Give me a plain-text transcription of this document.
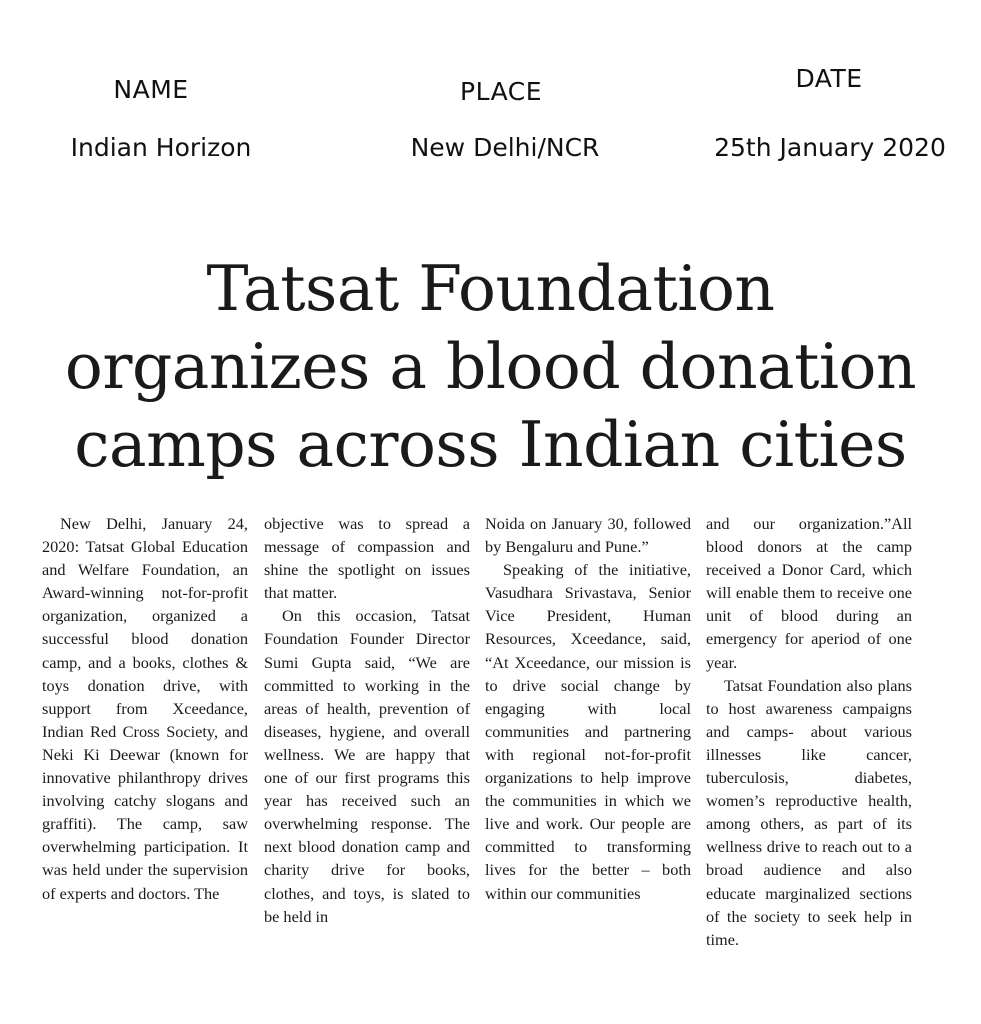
NAME	PLACE	DATE
Indian Horizon	New Delhi/NCR	25th January 2020
Tatsat Foundation
organizes a blood donation
camps across Indian cities

New Delhi, January 24, 2020: Tatsat Global Education and Welfare Foundation, an Award-winning not-for-profit organization, organized a successful blood donation camp, and a books, clothes & toys donation drive, with support from Xceedance, Indian Red Cross Society, and Neki Ki Deewar (known for innovative philanthropy drives involving catchy slogans and graffiti). The camp, saw overwhelming participation. It was held under the supervision of experts and doctors. The

objective was to spread a message of compassion and shine the spotlight on issues that matter.

On this occasion, Tatsat Foundation Founder Director Sumi Gupta said, “We are committed to working in the areas of health, prevention of diseases, hygiene, and overall wellness. We are happy that one of our first programs this year has received such an overwhelming response. The next blood donation camp and charity drive for books, clothes, and toys, is slated to be held in

Noida on January 30, followed by Bengaluru and Pune.”

Speaking of the initiative, Vasudhara Srivastava, Senior Vice President, Human Resources, Xceedance, said, “At Xceedance, our mission is to drive social change by engaging with local communities and partnering with regional not-for-profit organizations to help improve the communities in which we live and work. Our people are committed to transforming lives for the better – both within our communities

and our organization.”All blood donors at the camp received a Donor Card, which will enable them to receive one unit of blood during an emergency for aperiod of one year.

Tatsat Foundation also plans to host awareness campaigns and camps- about various illnesses like cancer, tuberculosis, diabetes, women’s reproductive health, among others, as part of its wellness drive to reach out to a broad audience and also educate marginalized sections of the society to seek help in time.
